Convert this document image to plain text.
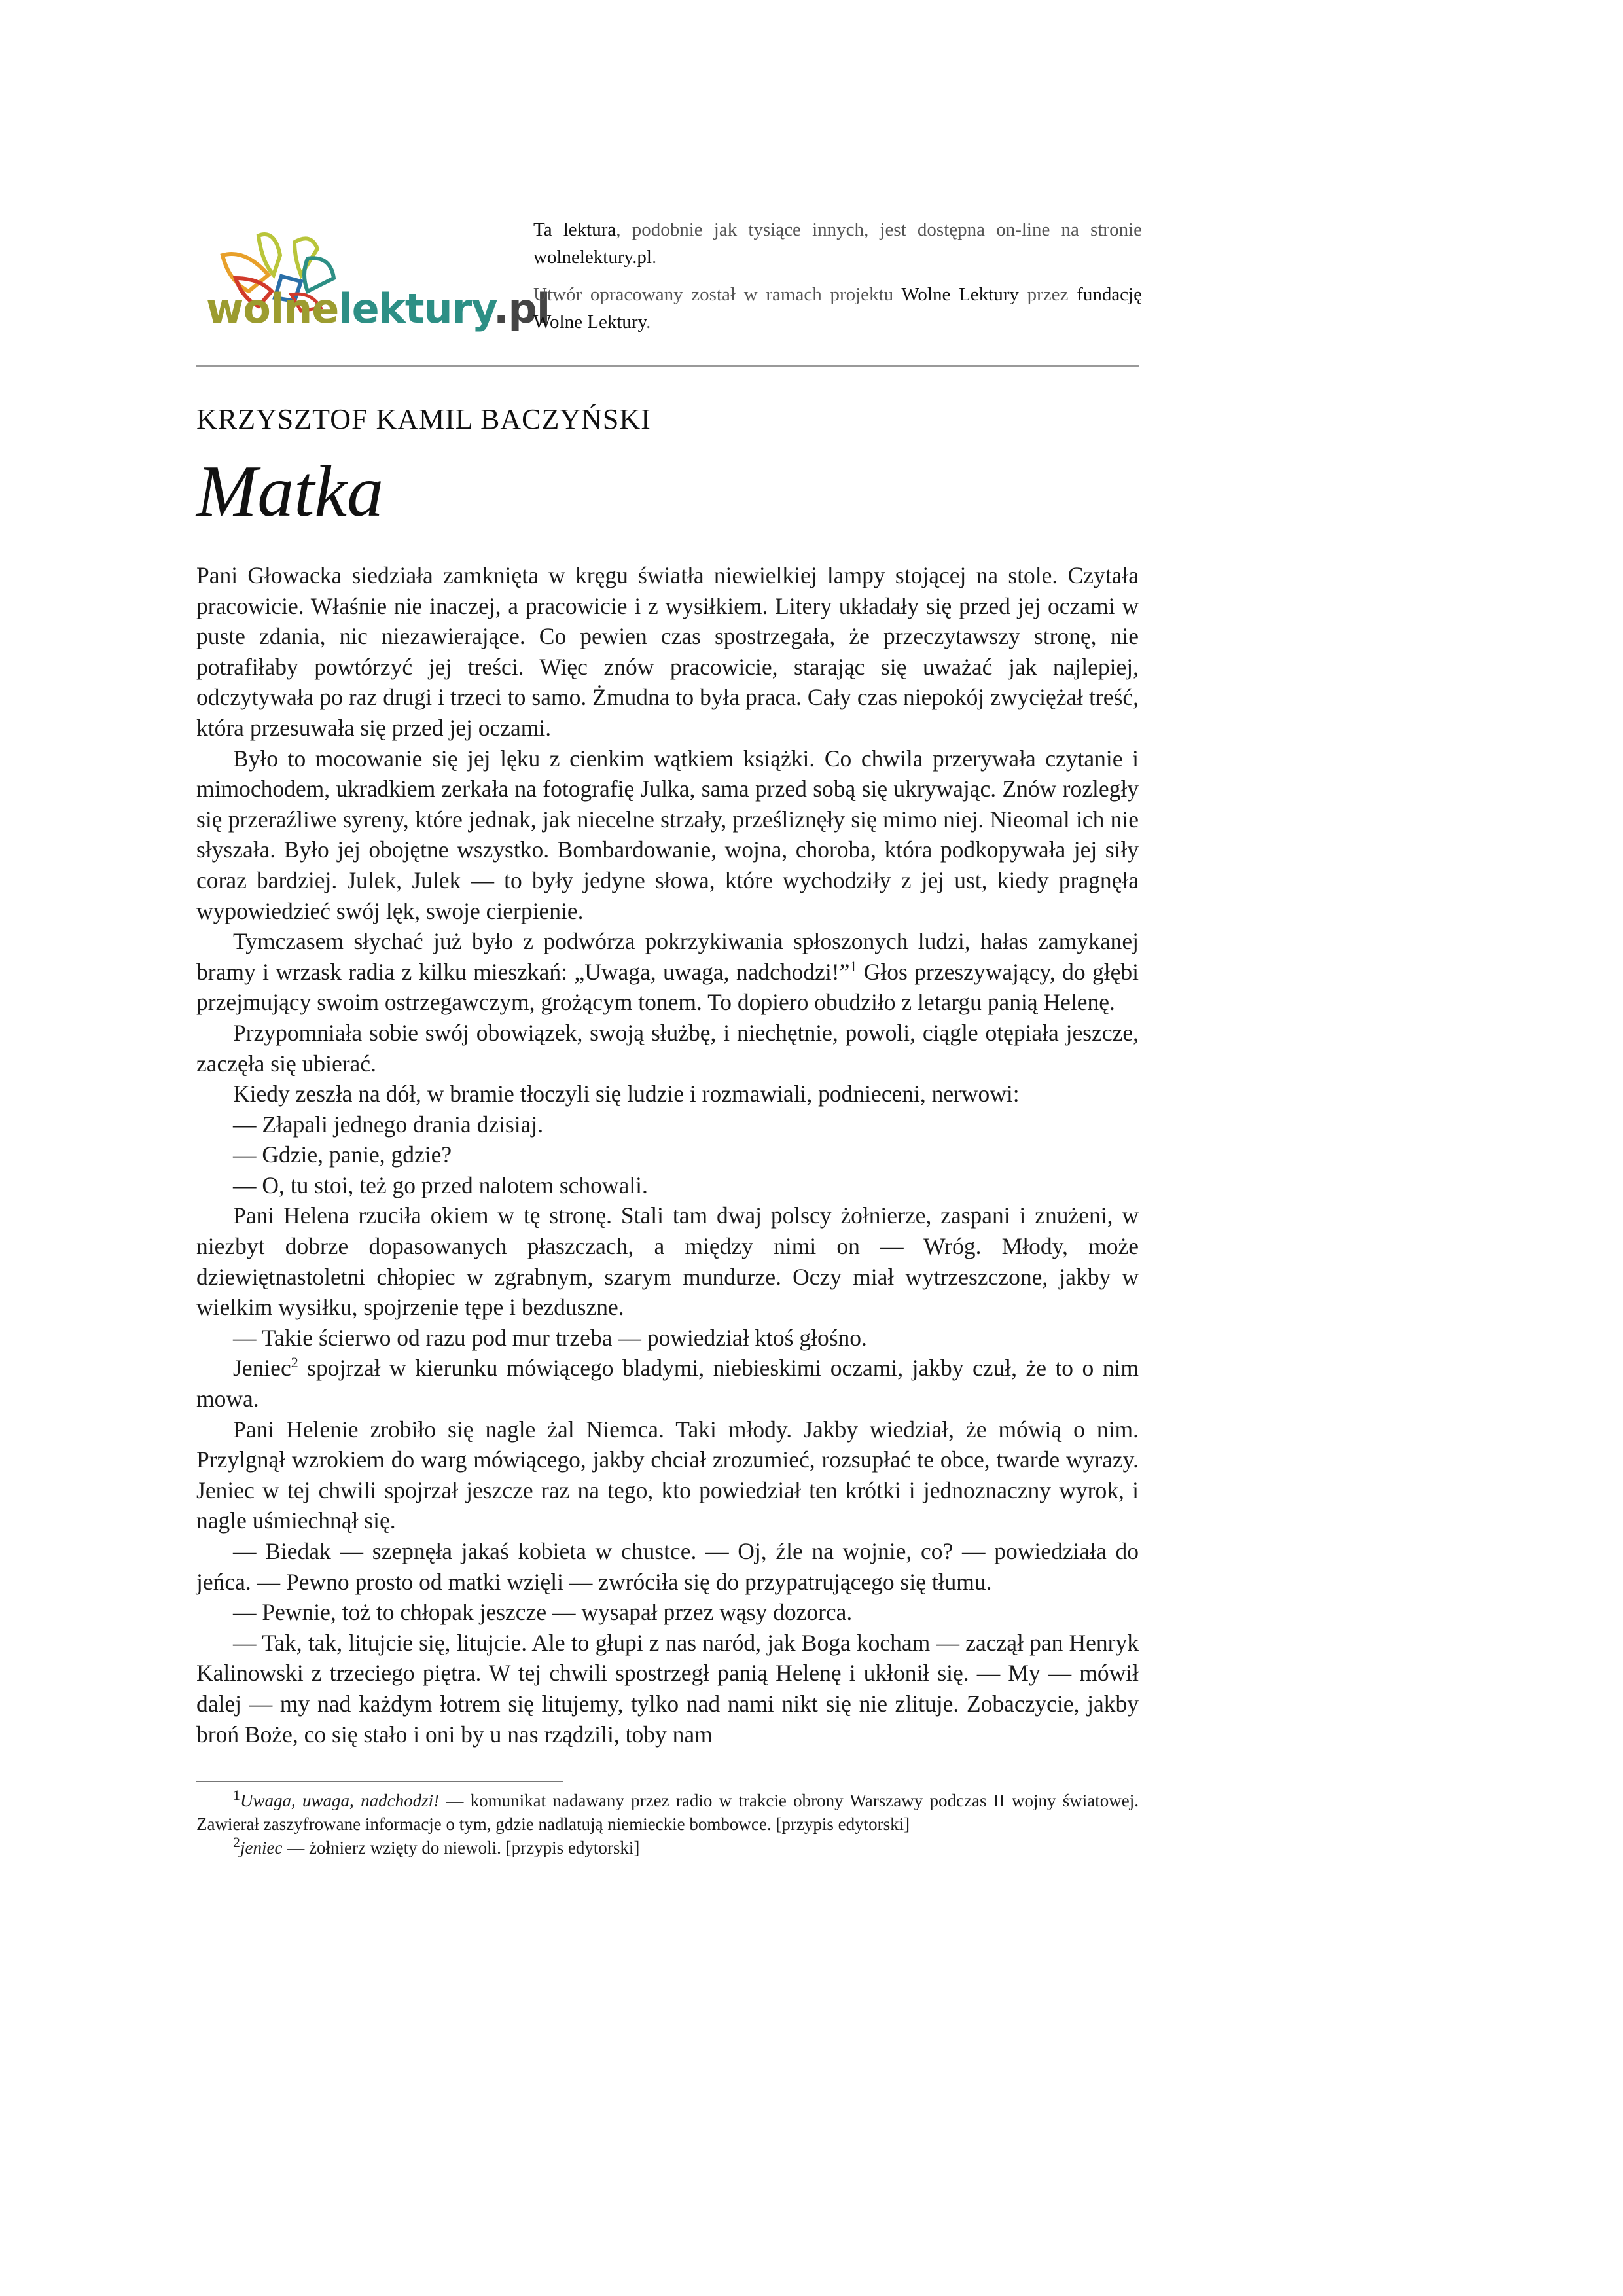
wolnelektury.pl

Ta lektura, podobnie jak tysiące innych, jest dostępna on-line na stronie wolnelektury.pl.

Utwór opracowany został w ramach projektu Wolne Lektury przez fundację Wolne Lektury.

KRZYSZTOF KAMIL BACZYŃSKI
Matka

Pani Głowacka siedziała zamknięta w kręgu światła niewielkiej lampy stojącej na stole. Czytała pracowicie. Właśnie nie inaczej, a pracowicie i z wysiłkiem. Litery układały się przed jej oczami w puste zdania, nic niezawierające. Co pewien czas spostrzegała, że przeczytawszy stronę, nie potrafiłaby powtórzyć jej treści. Więc znów pracowicie, starając się uważać jak najlepiej, odczytywała po raz drugi i trzeci to samo. Żmudna to była praca. Cały czas niepokój zwyciężał treść, która przesuwała się przed jej oczami.

Było to mocowanie się jej lęku z cienkim wątkiem książki. Co chwila przerywała czytanie i mimochodem, ukradkiem zerkała na fotografię Julka, sama przed sobą się ukrywając. Znów rozległy się przeraźliwe syreny, które jednak, jak niecelne strzały, prześliznęły się mimo niej. Nieomal ich nie słyszała. Było jej obojętne wszystko. Bombardowanie, wojna, choroba, która podkopywała jej siły coraz bardziej. Julek, Julek — to były jedyne słowa, które wychodziły z jej ust, kiedy pragnęła wypowiedzieć swój lęk, swoje cierpienie.

Tymczasem słychać już było z podwórza pokrzykiwania spłoszonych ludzi, hałas zamykanej bramy i wrzask radia z kilku mieszkań: „Uwaga, uwaga, nadchodzi!”$^1$ Głos przeszywający, do głębi przejmujący swoim ostrzegawczym, grożącym tonem. To dopiero obudziło z letargu panią Helenę.

Przypomniała sobie swój obowiązek, swoją służbę, i niechętnie, powoli, ciągle otępiała jeszcze, zaczęła się ubierać.

Kiedy zeszła na dół, w bramie tłoczyli się ludzie i rozmawiali, podnieceni, nerwowi:

— Złapali jednego drania dzisiaj.

— Gdzie, panie, gdzie?

— O, tu stoi, też go przed nalotem schowali.

Pani Helena rzuciła okiem w tę stronę. Stali tam dwaj polscy żołnierze, zaspani i znużeni, w niezbyt dobrze dopasowanych płaszczach, a między nimi on — Wróg. Młody, może dziewiętnastoletni chłopiec w zgrabnym, szarym mundurze. Oczy miał wytrzeszczone, jakby w wielkim wysiłku, spojrzenie tępe i bezduszne.

— Takie ścierwo od razu pod mur trzeba — powiedział ktoś głośno.

Jeniec$^2$ spojrzał w kierunku mówiącego bladymi, niebieskimi oczami, jakby czuł, że to o nim mowa.

Pani Helenie zrobiło się nagle żal Niemca. Taki młody. Jakby wiedział, że mówią o nim. Przylgnął wzrokiem do warg mówiącego, jakby chciał zrozumieć, rozsupłać te obce, twarde wyrazy. Jeniec w tej chwili spojrzał jeszcze raz na tego, kto powiedział ten krótki i jednoznaczny wyrok, i nagle uśmiechnął się.

— Biedak — szepnęła jakaś kobieta w chustce. — Oj, źle na wojnie, co? — powiedziała do jeńca. — Pewno prosto od matki wzięli — zwróciła się do przypatrującego się tłumu.

— Pewnie, toż to chłopak jeszcze — wysapał przez wąsy dozorca.

— Tak, tak, litujcie się, litujcie. Ale to głupi z nas naród, jak Boga kocham — zaczął pan Henryk Kalinowski z trzeciego piętra. W tej chwili spostrzegł panią Helenę i ukłonił się. — My — mówił dalej — my nad każdym łotrem się litujemy, tylko nad nami nikt się nie zlituje. Zobaczycie, jakby broń Boże, co się stało i oni by u nas rządzili, toby nam

$^1$Uwaga, uwaga, nadchodzi! — komunikat nadawany przez radio w trakcie obrony Warszawy podczas II wojny światowej. Zawierał zaszyfrowane informacje o tym, gdzie nadlatują niemieckie bombowce. [przypis edytorski]

$^2$jeniec — żołnierz wzięty do niewoli. [przypis edytorski]
